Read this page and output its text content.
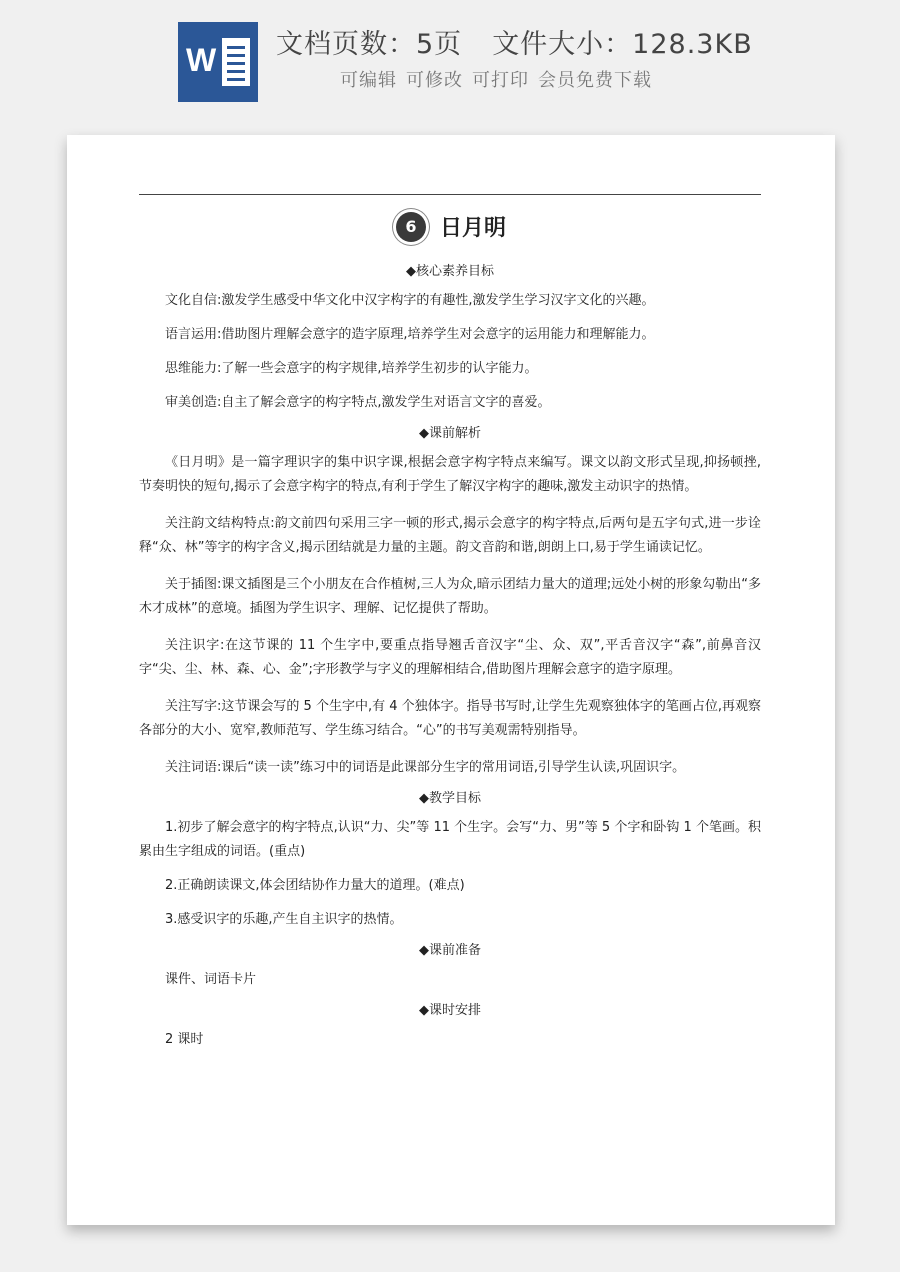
W 文档页数：5页 文件大小：128.3KB
可编辑 可修改 可打印 会员免费下载
6 日月明
◆核心素养目标
文化自信:激发学生感受中华文化中汉字构字的有趣性,激发学生学习汉字文化的兴趣。
语言运用:借助图片理解会意字的造字原理,培养学生对会意字的运用能力和理解能力。
思维能力:了解一些会意字的构字规律,培养学生初步的认字能力。
审美创造:自主了解会意字的构字特点,激发学生对语言文字的喜爱。
◆课前解析
《日月明》是一篇字理识字的集中识字课,根据会意字构字特点来编写。课文以韵文形式呈现,抑扬顿挫,节奏明快的短句,揭示了会意字构字的特点,有利于学生了解汉字构字的趣味,激发主动识字的热情。
关注韵文结构特点:韵文前四句采用三字一顿的形式,揭示会意字的构字特点,后两句是五字句式,进一步诠释“众、林”等字的构字含义,揭示团结就是力量的主题。韵文音韵和谐,朗朗上口,易于学生诵读记忆。
关于插图:课文插图是三个小朋友在合作植树,三人为众,暗示团结力量大的道理;远处小树的形象勾勒出“多木才成林”的意境。插图为学生识字、理解、记忆提供了帮助。
关注识字:在这节课的 11 个生字中,要重点指导翘舌音汉字“尘、众、双”,平舌音汉字“森”,前鼻音汉字“尖、尘、林、森、心、金”;字形教学与字义的理解相结合,借助图片理解会意字的造字原理。
关注写字:这节课会写的 5 个生字中,有 4 个独体字。指导书写时,让学生先观察独体字的笔画占位,再观察各部分的大小、宽窄,教师范写、学生练习结合。“心”的书写美观需特别指导。
关注词语:课后“读一读”练习中的词语是此课部分生字的常用词语,引导学生认读,巩固识字。
◆教学目标
1.初步了解会意字的构字特点,认识“力、尖”等 11 个生字。会写“力、男”等 5 个字和卧钩 1 个笔画。积累由生字组成的词语。(重点)
2.正确朗读课文,体会团结协作力量大的道理。(难点)
3.感受识字的乐趣,产生自主识字的热情。
◆课前准备
课件、词语卡片
◆课时安排
2 课时
